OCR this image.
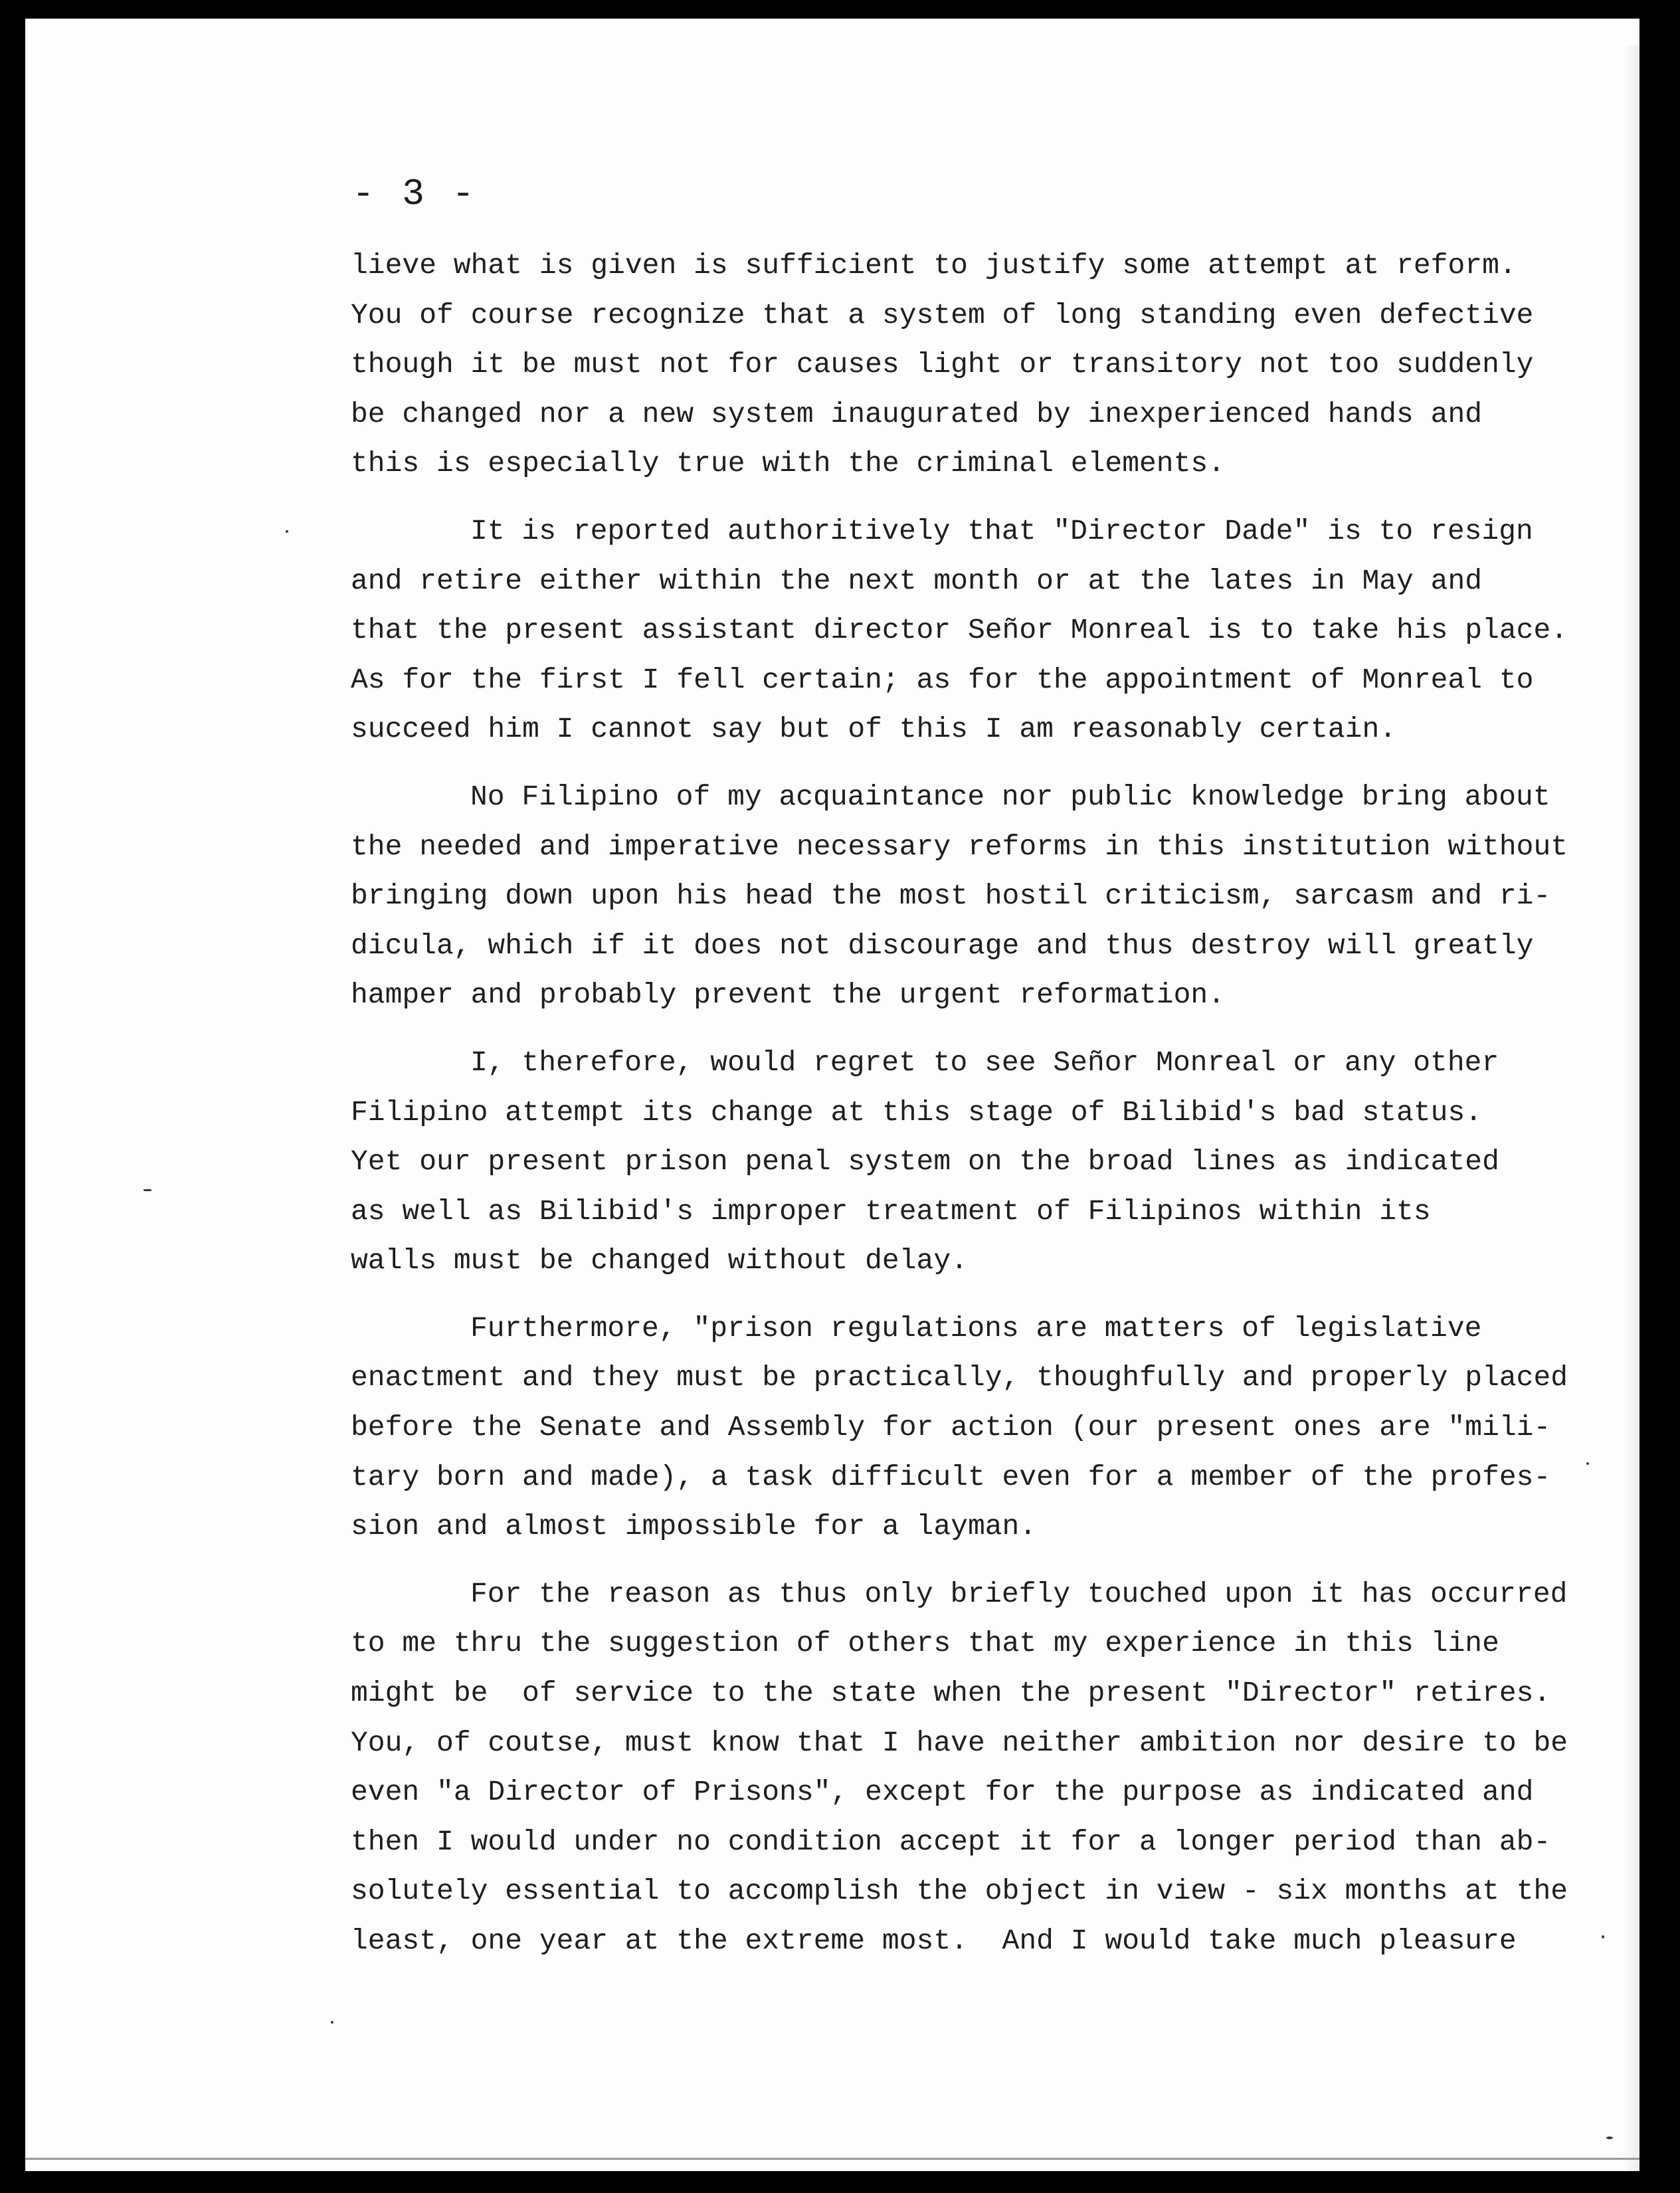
- 3 -
lieve what is given is sufficient to justify some attempt at reform.
You of course recognize that a system of long standing even defective
though it be must not for causes light or transitory not too suddenly
be changed nor a new system inaugurated by inexperienced hands and
this is especially true with the criminal elements.
It is reported authoritively that "Director Dade" is to resign
and retire either within the next month or at the lates in May and
that the present assistant director Señor Monreal is to take his place.
As for the first I fell certain; as for the appointment of Monreal to
succeed him I cannot say but of this I am reasonably certain.
No Filipino of my acquaintance nor public knowledge bring about
the needed and imperative necessary reforms in this institution without
bringing down upon his head the most hostil criticism, sarcasm and ri-
dicula, which if it does not discourage and thus destroy will greatly
hamper and probably prevent the urgent reformation.
I, therefore, would regret to see Señor Monreal or any other
Filipino attempt its change at this stage of Bilibid's bad status.
Yet our present prison penal system on the broad lines as indicated
as well as Bilibid's improper treatment of Filipinos within its
walls must be changed without delay.
Furthermore, "prison regulations are matters of legislative
enactment and they must be practically, thoughfully and properly placed
before the Senate and Assembly for action (our present ones are "mili-
tary born and made), a task difficult even for a member of the profes-
sion and almost impossible for a layman.
For the reason as thus only briefly touched upon it has occurred
to me thru the suggestion of others that my experience in this line
might be  of service to the state when the present "Director" retires.
You, of coutse, must know that I have neither ambition nor desire to be
even "a Director of Prisons", except for the purpose as indicated and
then I would under no condition accept it for a longer period than ab-
solutely essential to accomplish the object in view - six months at the
least, one year at the extreme most.  And I would take much pleasure
